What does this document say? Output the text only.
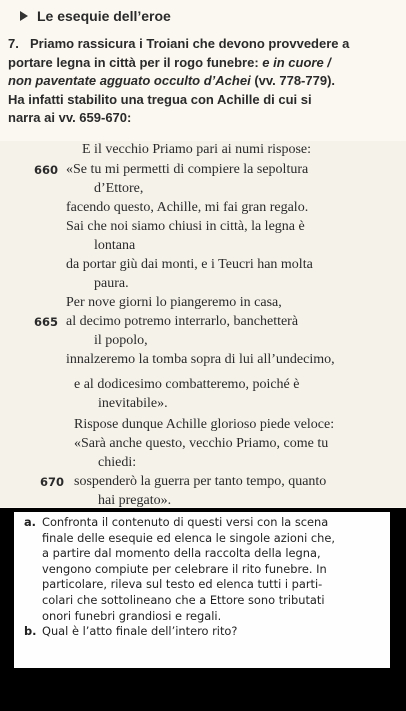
Le esequie dell’eroe
7. Priamo rassicura i Troiani che devono provvedere a
portare legna in città per il rogo funebre: e in cuore /
non paventate agguato occulto d’Achei (vv. 778-779).
Ha infatti stabilito una tregua con Achille di cui si
narra ai vv. 659-670:
E il vecchio Priamo pari ai numi rispose:
660 «Se tu mi permetti di compiere la sepoltura
d’Ettore,
facendo questo, Achille, mi fai gran regalo.
Sai che noi siamo chiusi in città, la legna è
lontana
da portar giù dai monti, e i Teucri han molta
paura.
Per nove giorni lo piangeremo in casa,
665 al decimo potremo interrarlo, banchetterà
il popolo,
innalzeremo la tomba sopra di lui all’undecimo,
e al dodicesimo combatteremo, poiché è
inevitabile».
Rispose dunque Achille glorioso piede veloce:
«Sarà anche questo, vecchio Priamo, come tu
chiedi:
670 sospenderò la guerra per tanto tempo, quanto
hai pregato».
a. Confronta il contenuto di questi versi con la scena
finale delle esequie ed elenca le singole azioni che,
a partire dal momento della raccolta della legna,
vengono compiute per celebrare il rito funebre. In
particolare, rileva sul testo ed elenca tutti i parti-
colari che sottolineano che a Ettore sono tributati
onori funebri grandiosi e regali.
b. Qual è l’atto finale dell’intero rito?
